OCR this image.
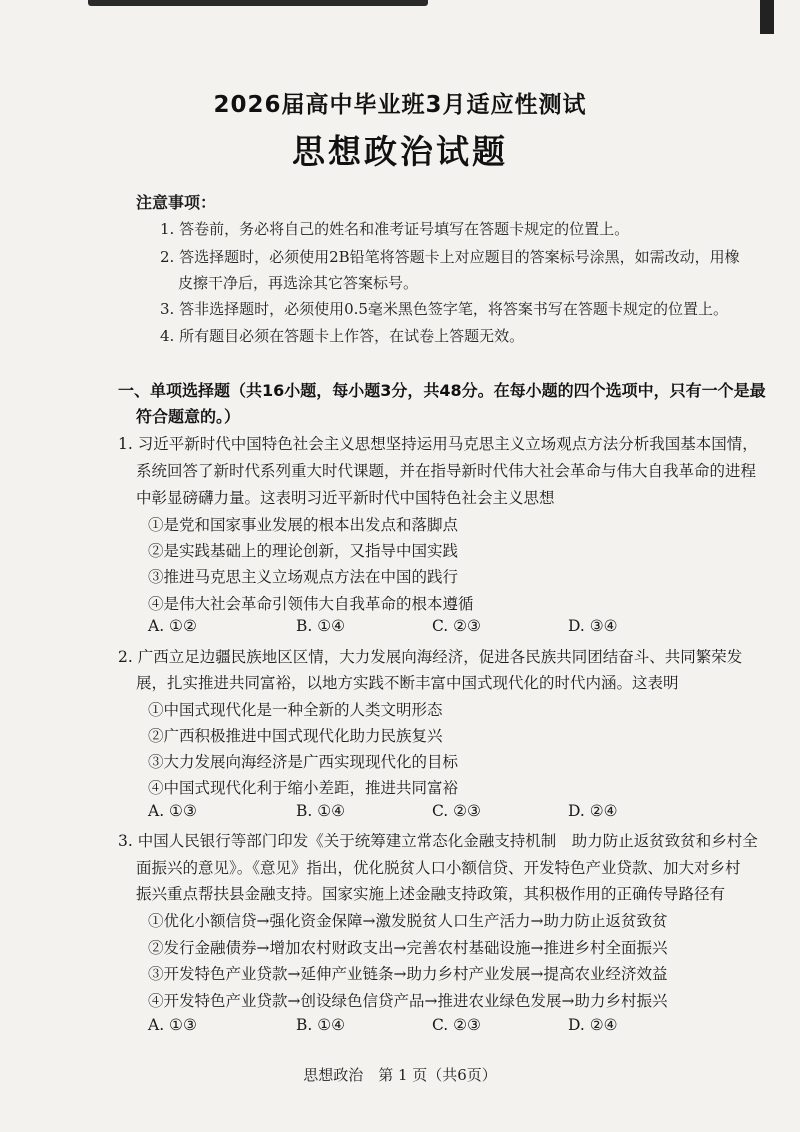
2026届高中毕业班3月适应性测试
思想政治试题
注意事项：
1. 答卷前，务必将自己的姓名和准考证号填写在答题卡规定的位置上。
2. 答选择题时，必须使用2B铅笔将答题卡上对应题目的答案标号涂黑，如需改动，用橡
皮擦干净后，再选涂其它答案标号。
3. 答非选择题时，必须使用0.5毫米黑色签字笔，将答案书写在答题卡规定的位置上。
4. 所有题目必须在答题卡上作答，在试卷上答题无效。
一、单项选择题（共16小题，每小题3分，共48分。在每小题的四个选项中，只有一个是最
符合题意的。）
1. 习近平新时代中国特色社会主义思想坚持运用马克思主义立场观点方法分析我国基本国情，
系统回答了新时代系列重大时代课题，并在指导新时代伟大社会革命与伟大自我革命的进程
中彰显磅礴力量。这表明习近平新时代中国特色社会主义思想
①是党和国家事业发展的根本出发点和落脚点
②是实践基础上的理论创新，又指导中国实践
③推进马克思主义立场观点方法在中国的践行
④是伟大社会革命引领伟大自我革命的根本遵循
A. ①②	B. ①④	C. ②③	D. ③④
2. 广西立足边疆民族地区区情，大力发展向海经济，促进各民族共同团结奋斗、共同繁荣发
展，扎实推进共同富裕，以地方实践不断丰富中国式现代化的时代内涵。这表明
①中国式现代化是一种全新的人类文明形态
②广西积极推进中国式现代化助力民族复兴
③大力发展向海经济是广西实现现代化的目标
④中国式现代化利于缩小差距，推进共同富裕
A. ①③	B. ①④	C. ②③	D. ②④
3. 中国人民银行等部门印发《关于统筹建立常态化金融支持机制　助力防止返贫致贫和乡村全
面振兴的意见》。《意见》指出，优化脱贫人口小额信贷、开发特色产业贷款、加大对乡村
振兴重点帮扶县金融支持。国家实施上述金融支持政策，其积极作用的正确传导路径有
①优化小额信贷→强化资金保障→激发脱贫人口生产活力→助力防止返贫致贫
②发行金融债券→增加农村财政支出→完善农村基础设施→推进乡村全面振兴
③开发特色产业贷款→延伸产业链条→助力乡村产业发展→提高农业经济效益
④开发特色产业贷款→创设绿色信贷产品→推进农业绿色发展→助力乡村振兴
A. ①③	B. ①④	C. ②③	D. ②④
思想政治　第 1 页（共6页）
